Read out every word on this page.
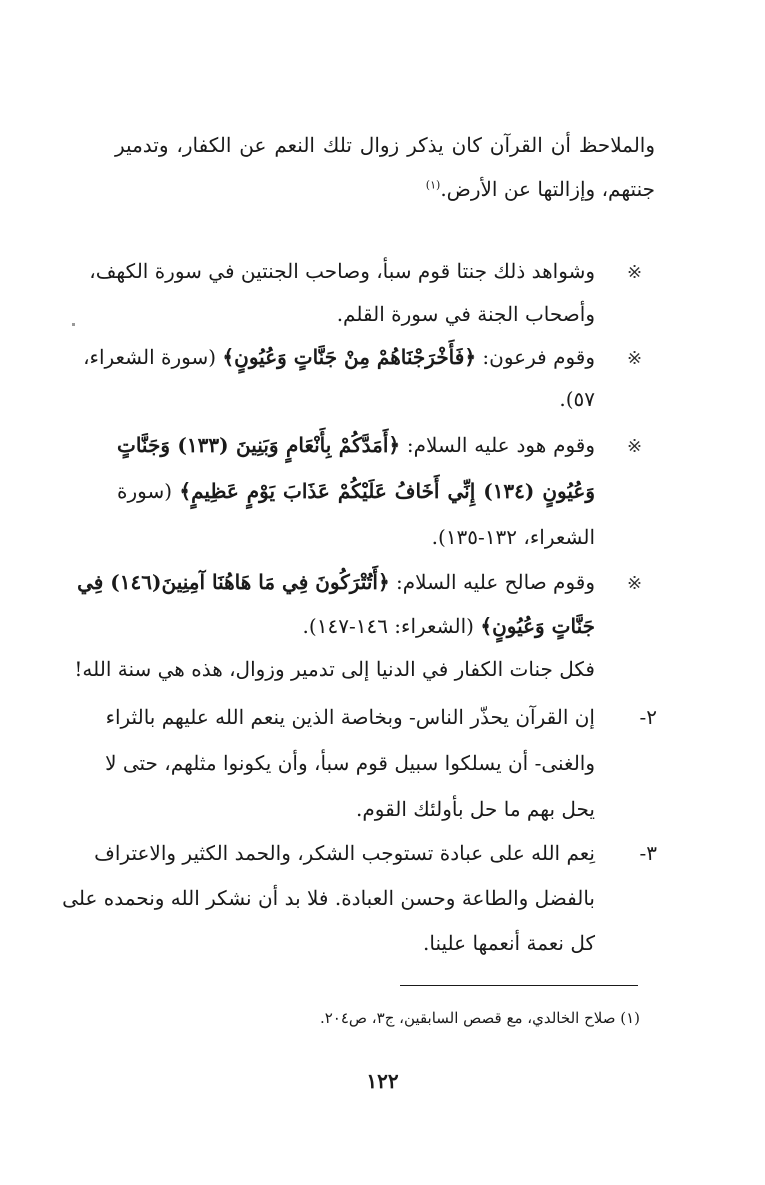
والملاحظ أن القرآن كان يذكر زوال تلك النعم عن الكفار، وتدمير
جنتهم، وإزالتها عن الأرض.$^{(١)}$
※
وشواهد ذلك جنتا قوم سبأ، وصاحب الجنتين في سورة الكهف،
وأصحاب الجنة في سورة القلم.
※
وقوم فرعون: ﴿فَأَخْرَجْنَاهُمْ مِنْ جَنَّاتٍ وَعُيُونٍ﴾ (سورة الشعراء،
٥٧).
※
وقوم هود عليه السلام: ﴿أَمَدَّكُمْ بِأَنْعَامٍ وَبَنِينَ (١٣٣) وَجَنَّاتٍ
وَعُيُونٍ (١٣٤) إِنِّي أَخَافُ عَلَيْكُمْ عَذَابَ يَوْمٍ عَظِيمٍ﴾ (سورة
الشعراء، ١٣٢-١٣٥).
※
وقوم صالح عليه السلام: ﴿أَتُتْرَكُونَ فِي مَا هَاهُنَا آمِنِينَ(١٤٦) فِي
جَنَّاتٍ وَعُيُونٍ﴾ (الشعراء: ١٤٦-١٤٧).
فكل جنات الكفار في الدنيا إلى تدمير وزوال، هذه هي سنة الله!
٢-
إن القرآن يحذّر الناس- وبخاصة الذين ينعم الله عليهم بالثراء
والغنى- أن يسلكوا سبيل قوم سبأ، وأن يكونوا مثلهم، حتى لا
يحل بهم ما حل بأولئك القوم.
٣-
نِعم الله على عبادة تستوجب الشكر، والحمد الكثير والاعتراف
بالفضل والطاعة وحسن العبادة. فلا بد أن نشكر الله ونحمده على
كل نعمة أنعمها علينا.
(١) صلاح الخالدي، مع قصص السابقين، ج٣، ص٢٠٤.
١٢٢
